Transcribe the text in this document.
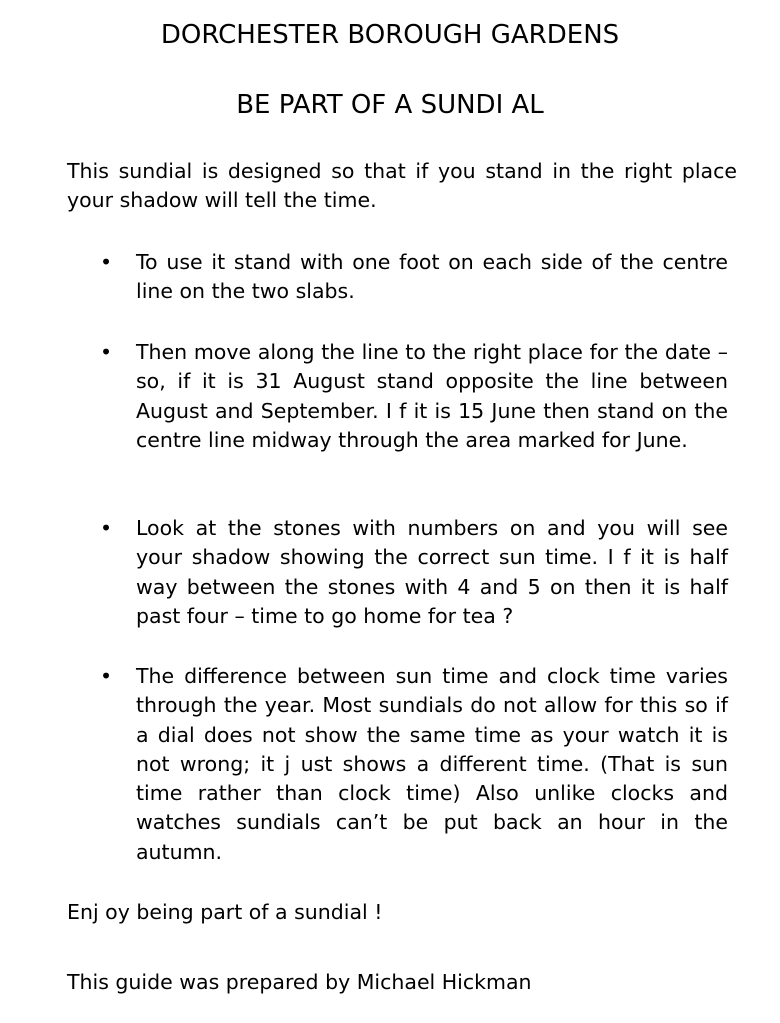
DORCHESTER BOROUGH GARDENS
BE PART OF A SUNDI AL

This sundial is designed so that if you stand in the right place your shadow will tell the time.

• To use it stand with one foot on each side of the centre line on the two slabs.

• Then move along the line to the right place for the date – so, if it is 31 August stand opposite the line between August and September. I f it is 15 June then stand on the centre line midway through the area marked for June.

• Look at the stones with numbers on and you will see your shadow showing the correct sun time. I f it is half way between the stones with 4 and 5 on then it is half past four – time to go home for tea ?

• The difference between sun time and clock time varies through the year. Most sundials do not allow for this so if a dial does not show the same time as your watch it is not wrong; it j ust shows a different time. (That is sun time rather than clock time) Also unlike clocks and watches sundials can’t be put back an hour in the autumn.

Enj oy being part of a sundial !

This guide was prepared by Michael Hickman
